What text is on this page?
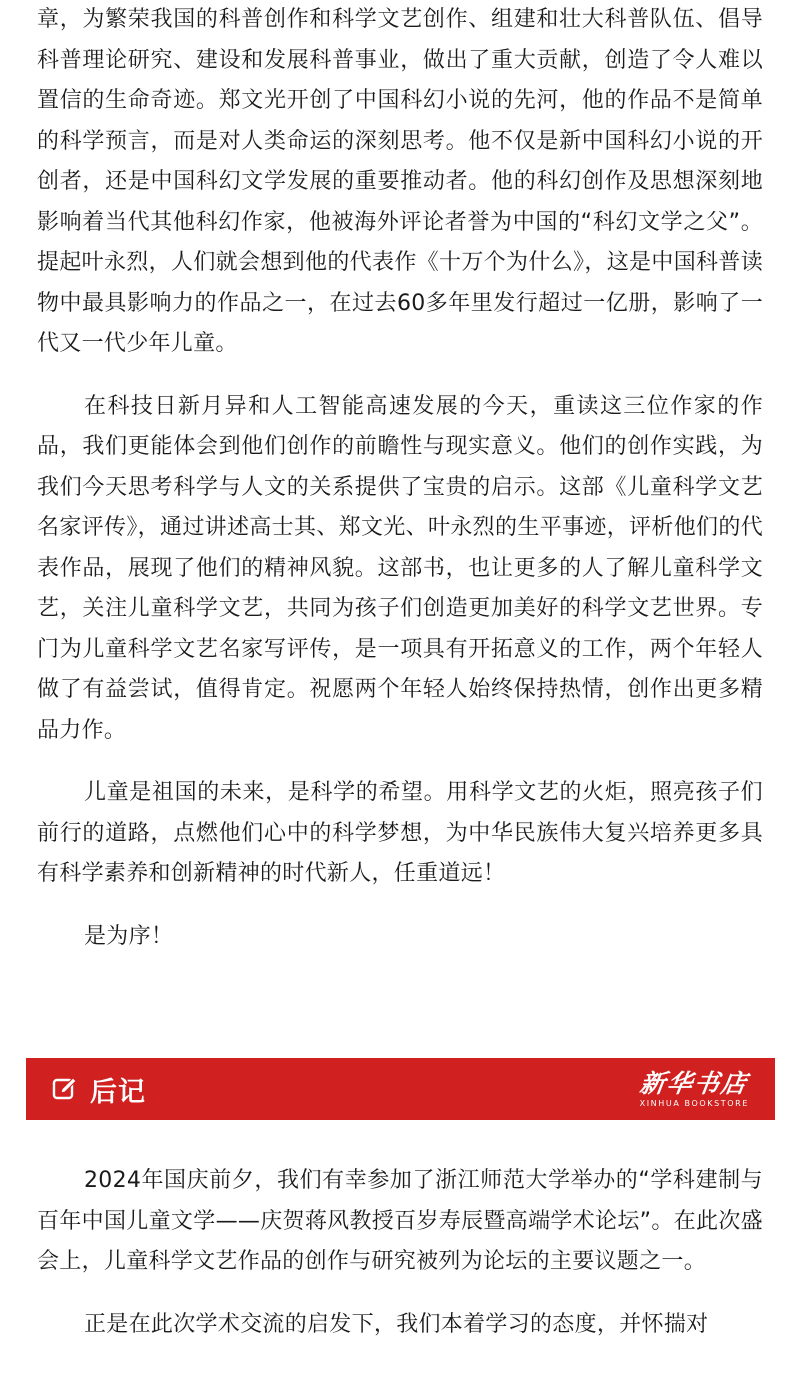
章，为繁荣我国的科普创作和科学文艺创作、组建和壮大科普队伍、倡导科普理论研究、建设和发展科普事业，做出了重大贡献，创造了令人难以置信的生命奇迹。郑文光开创了中国科幻小说的先河，他的作品不是简单的科学预言，而是对人类命运的深刻思考。他不仅是新中国科幻小说的开创者，还是中国科幻文学发展的重要推动者。他的科幻创作及思想深刻地影响着当代其他科幻作家，他被海外评论者誉为中国的“科幻文学之父”。提起叶永烈，人们就会想到他的代表作《十万个为什么》，这是中国科普读物中最具影响力的作品之一，在过去60多年里发行超过一亿册，影响了一代又一代少年儿童。

在科技日新月异和人工智能高速发展的今天，重读这三位作家的作品，我们更能体会到他们创作的前瞻性与现实意义。他们的创作实践，为我们今天思考科学与人文的关系提供了宝贵的启示。这部《儿童科学文艺名家评传》，通过讲述高士其、郑文光、叶永烈的生平事迹，评析他们的代表作品，展现了他们的精神风貌。这部书，也让更多的人了解儿童科学文艺，关注儿童科学文艺，共同为孩子们创造更加美好的科学文艺世界。专门为儿童科学文艺名家写评传，是一项具有开拓意义的工作，两个年轻人做了有益尝试，值得肯定。祝愿两个年轻人始终保持热情，创作出更多精品力作。

儿童是祖国的未来，是科学的希望。用科学文艺的火炬，照亮孩子们前行的道路，点燃他们心中的科学梦想，为中华民族伟大复兴培养更多具有科学素养和创新精神的时代新人，任重道远！

是为序！

后记	新华书店
XINHUA BOOKSTORE

2024年国庆前夕，我们有幸参加了浙江师范大学举办的“学科建制与百年中国儿童文学——庆贺蒋风教授百岁寿辰暨高端学术论坛”。在此次盛会上，儿童科学文艺作品的创作与研究被列为论坛的主要议题之一。

正是在此次学术交流的启发下，我们本着学习的态度，并怀揣对
